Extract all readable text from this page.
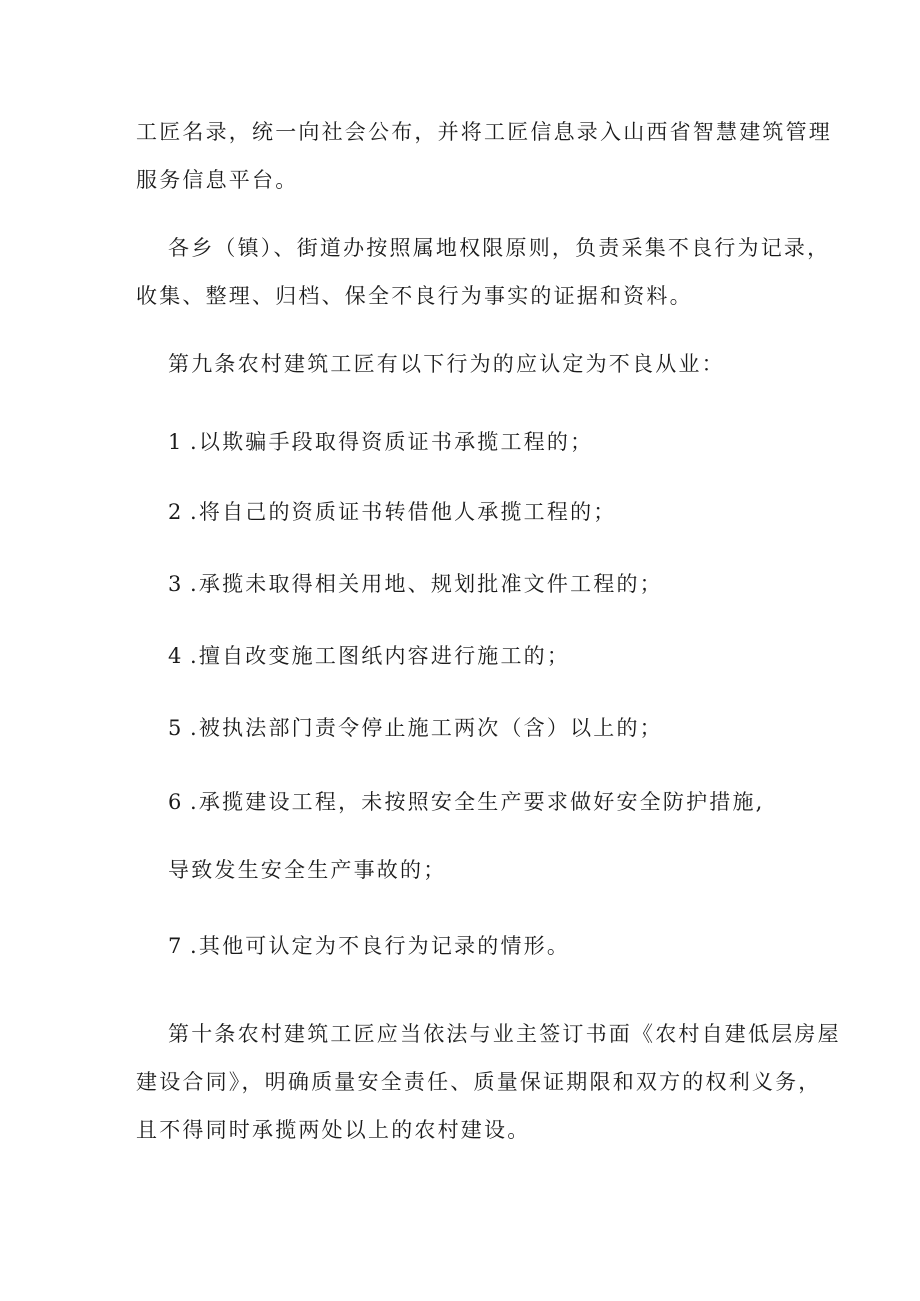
工匠名录，统一向社会公布，并将工匠信息录入山西省智慧建筑管理
服务信息平台。
各乡（镇）、街道办按照属地权限原则，负责采集不良行为记录，
收集、整理、归档、保全不良行为事实的证据和资料。
第九条农村建筑工匠有以下行为的应认定为不良从业：
1 .以欺骗手段取得资质证书承揽工程的；
2 .将自己的资质证书转借他人承揽工程的；
3 .承揽未取得相关用地、规划批准文件工程的；
4 .擅自改变施工图纸内容进行施工的；
5 .被执法部门责令停止施工两次（含）以上的；
6 .承揽建设工程，未按照安全生产要求做好安全防护措施,
导致发生安全生产事故的；
7 .其他可认定为不良行为记录的情形。
第十条农村建筑工匠应当依法与业主签订书面《农村自建低层房屋
建设合同》，明确质量安全责任、质量保证期限和双方的权利义务，
且不得同时承揽两处以上的农村建设。
